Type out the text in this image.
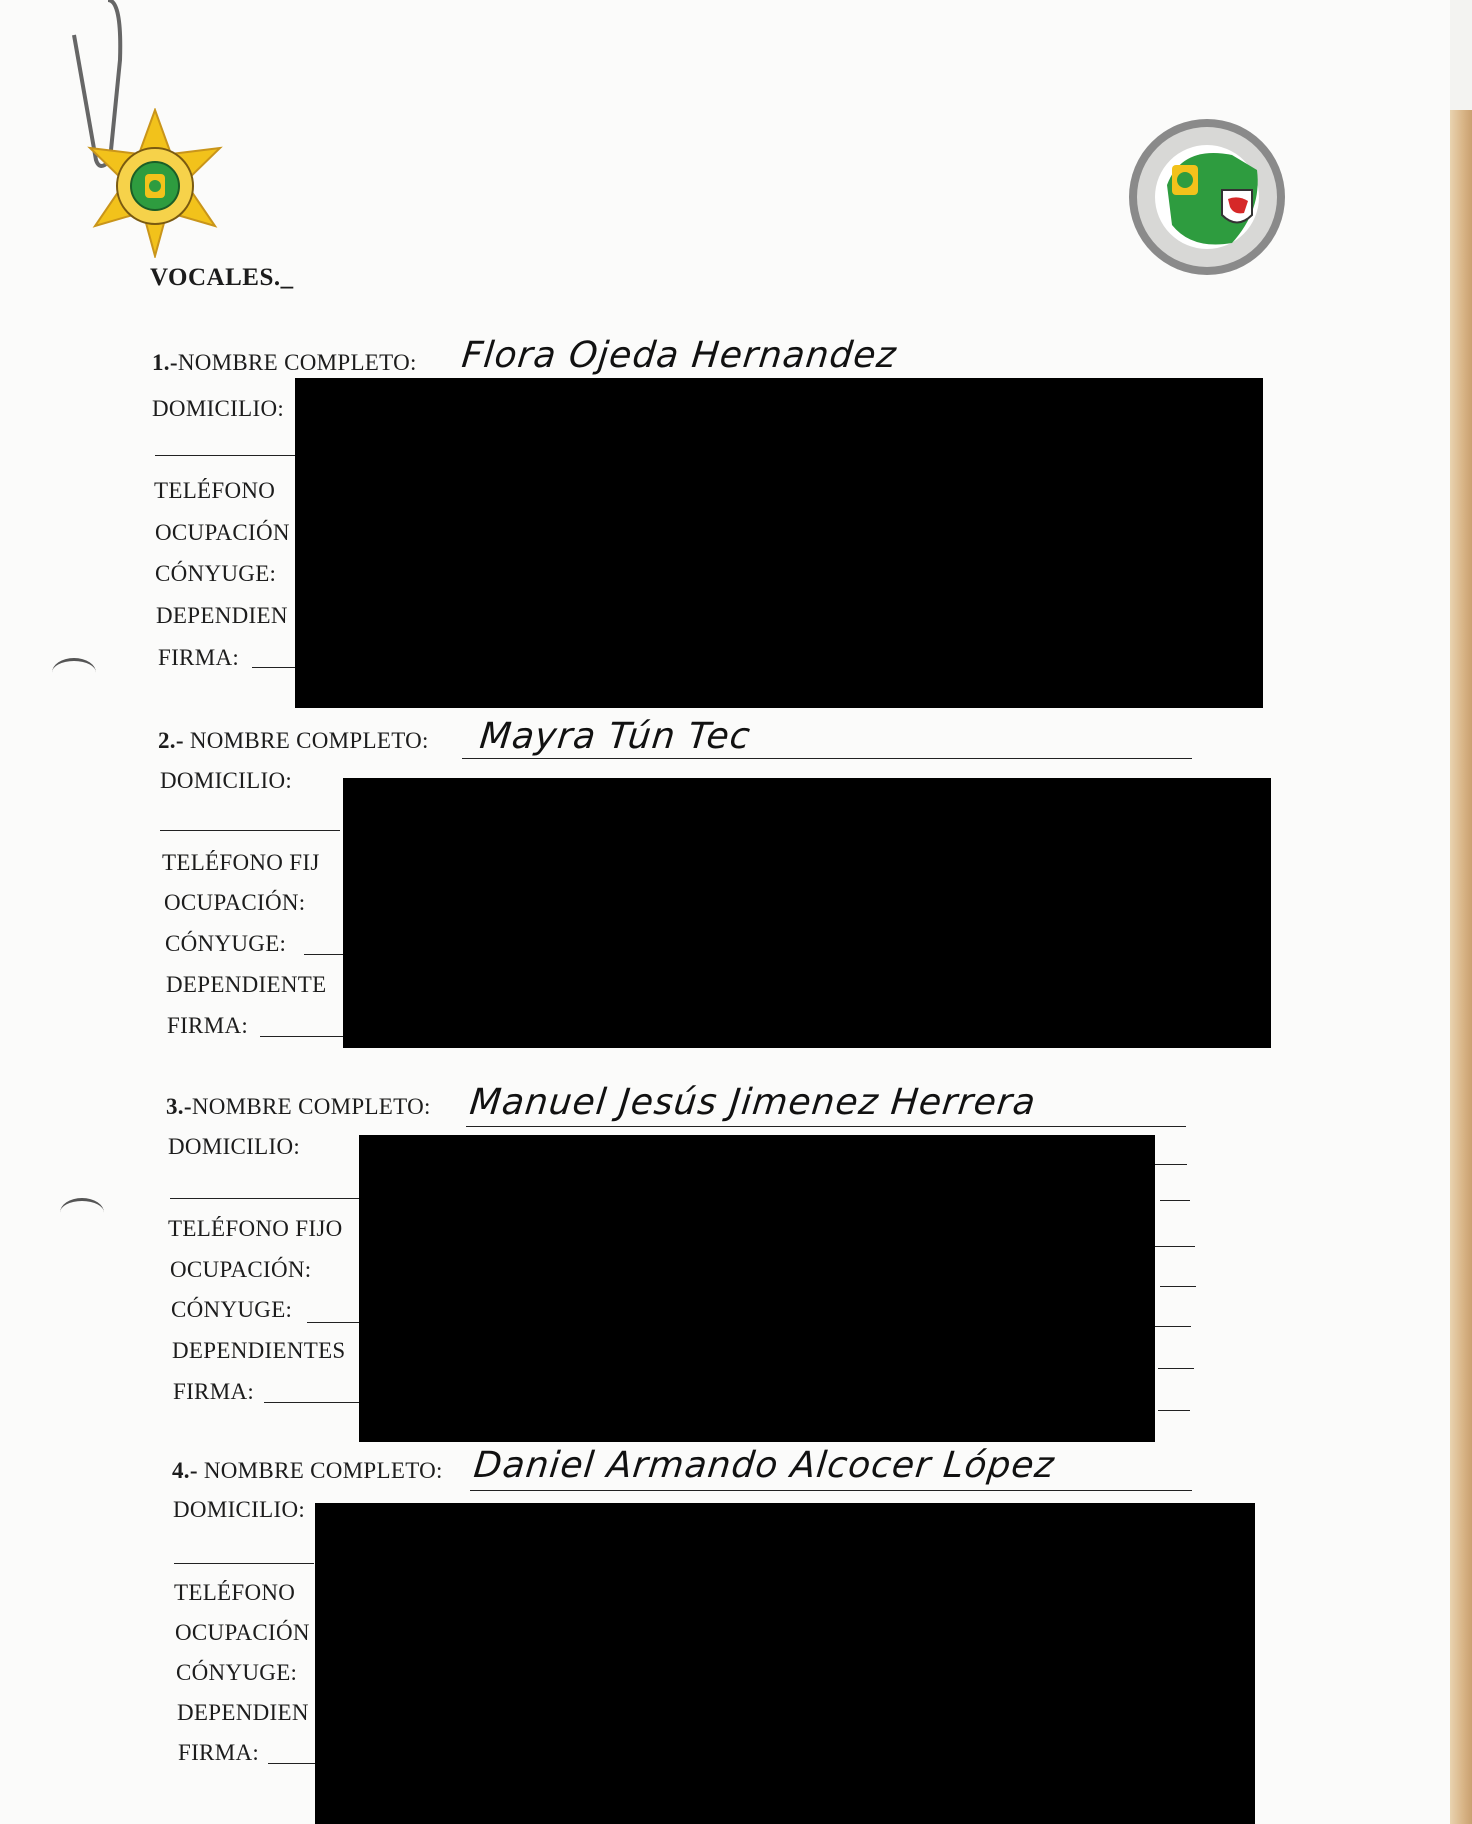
VOCALES._
1.-NOMBRE COMPLETO: Flora Ojeda Hernandez
DOMICILIO:
TELÉFONO
OCUPACIÓN
CÓNYUGE:
DEPENDIEN
FIRMA:
2.- NOMBRE COMPLETO: Mayra Tún Tec
DOMICILIO:
TELÉFONO FIJ
OCUPACIÓN:
CÓNYUGE:
DEPENDIENTE
FIRMA:
3.-NOMBRE COMPLETO: Manuel Jesús Jimenez Herrera
DOMICILIO:
TELÉFONO FIJO
OCUPACIÓN:
CÓNYUGE:
DEPENDIENTES
FIRMA:
4.- NOMBRE COMPLETO: Daniel Armando Alcocer López
DOMICILIO:
TELÉFONO
OCUPACIÓN
CÓNYUGE:
DEPENDIEN
FIRMA:
